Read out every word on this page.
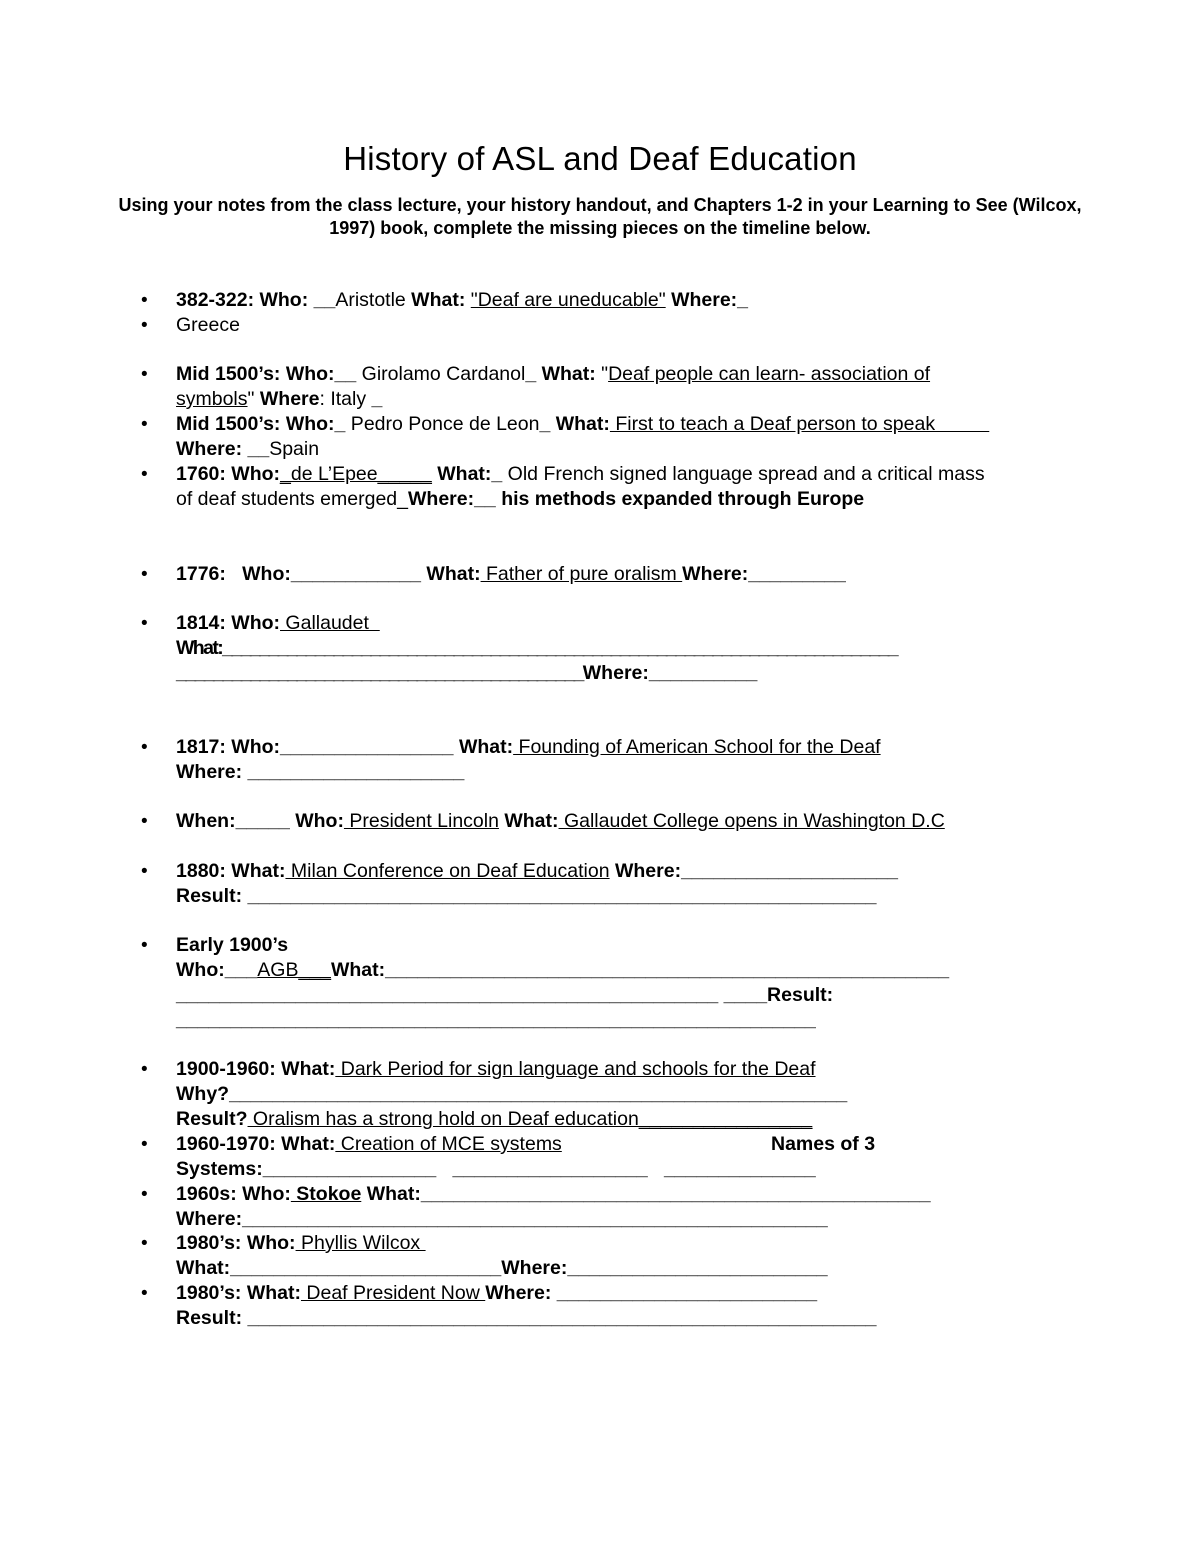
History of ASL and Deaf Education
Using your notes from the class lecture, your history handout, and Chapters 1-2 in your Learning to See (Wilcox, 1997) book, complete the missing pieces on the timeline below.
•	382-322: Who: __Aristotle What: "Deaf are uneducable" Where:_
•	Greece
•	Mid 1500’s: Who:__ Girolamo Cardanol_ What: "Deaf people can learn- association of
symbols" Where: Italy _
•	Mid 1500’s: Who:_ Pedro Ponce de Leon_ What: First to teach a Deaf person to speak
Where: __Spain
•	1760: Who:_de L’Epee_____ What:_ Old French signed language spread and a critical mass
of deaf students emerged_Where:__ his methods expanded through Europe
•	1776:   Who:____________ What: Father of pure oralism Where:_________
•	1814: Who: Gallaudet
What:_________________________________________________________________________
____________________________________________Where:__________
•	1817: Who:________________ What: Founding of American School for the Deaf
Where: ____________________
•	When:_____ Who: President Lincoln What: Gallaudet College opens in Washington D.C
•	1880: What: Milan Conference on Deaf Education Where:____________________
Result: __________________________________________________________
•	Early 1900’s
Who:___AGB___What:____________________________________________________
__________________________________________________ ____Result:
___________________________________________________________
•	1900-1960: What: Dark Period for sign language and schools for the Deaf
Why?_________________________________________________________
Result? Oralism has a strong hold on Deaf education________________
•	1960-1970: What: Creation of MCE systems	Names of 3
Systems:________________   __________________   ______________
•	1960s: Who: Stokoe What:_______________________________________________
Where:______________________________________________________
•	1980’s: Who: Phyllis Wilcox
What:_________________________Where:________________________
•	1980’s: What: Deaf President Now Where: ________________________
Result: __________________________________________________________
